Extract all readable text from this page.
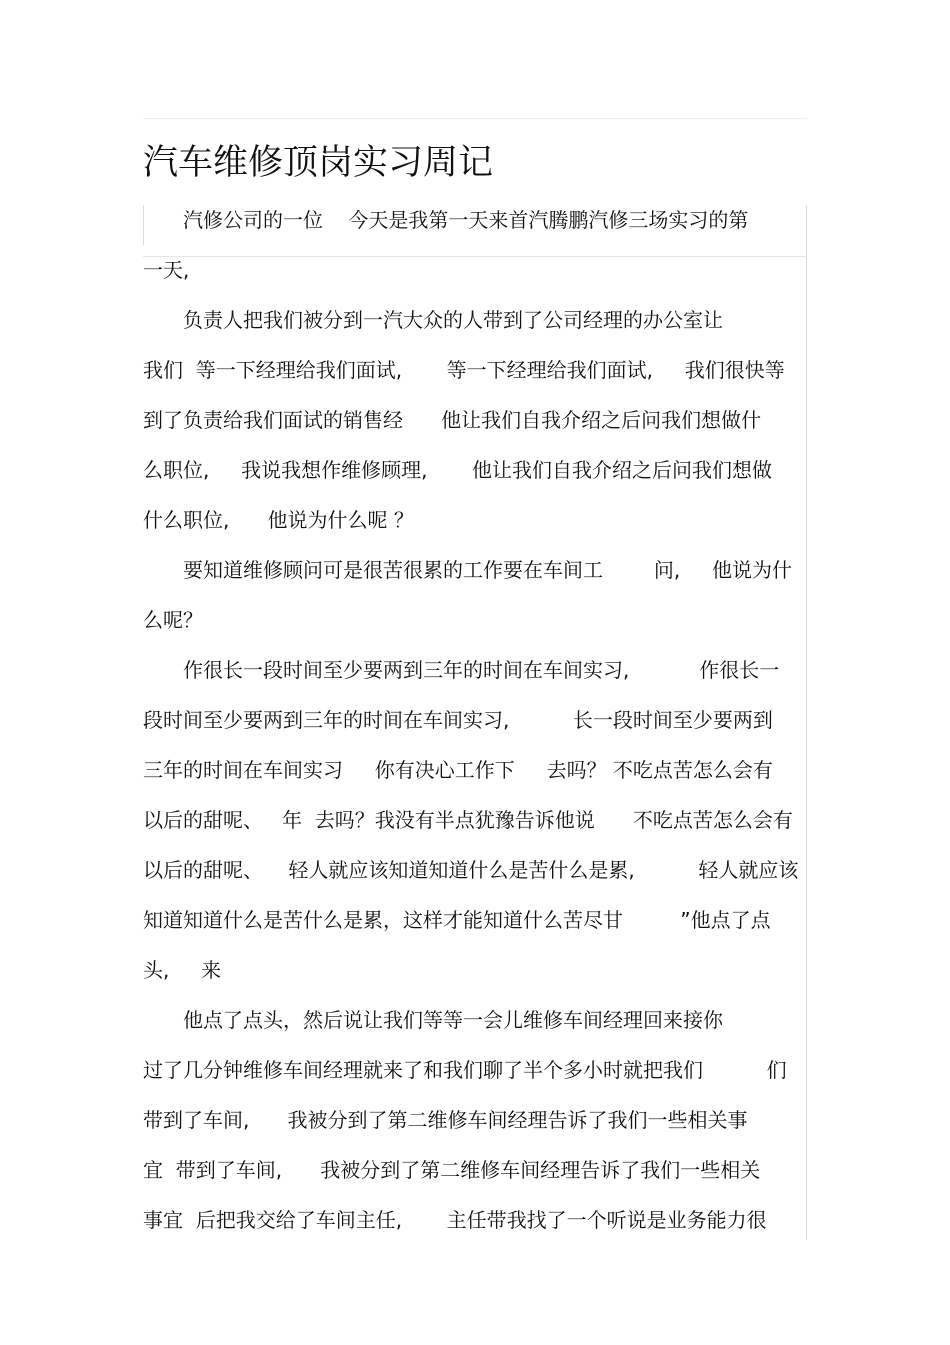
汽车维修顶岗实习周记
汽修公司的一位    今天是我第一天来首汽腾鹏汽修三场实习的第
一天,
负责人把我们被分到一汽大众的人带到了公司经理的办公室让
我们  等一下经理给我们面试,       等一下经理给我们面试,     我们很快等
到了负责给我们面试的销售经      他让我们自我介绍之后问我们想做什
么职位,     我说我想作维修顾理,       他让我们自我介绍之后问我们想做
什么职位,      他说为什么呢 ？
要知道维修顾问可是很苦很累的工作要在车间工        问,     他说为什
么呢？
作很长一段时间至少要两到三年的时间在车间实习,           作很长一
段时间至少要两到三年的时间在车间实习,          长一段时间至少要两到
三年的时间在车间实习     你有决心工作下     去吗？ 不吃点苦怎么会有
以后的甜呢、   年  去吗？我没有半点犹豫告诉他说      不吃点苦怎么会有
以后的甜呢、    轻人就应该知道知道什么是苦什么是累,          轻人就应该
知道知道什么是苦什么是累，这样才能知道什么苦尽甘         ”他点了点
头,     来
他点了点头，然后说让我们等等一会儿维修车间经理回来接你
过了几分钟维修车间经理就来了和我们聊了半个多小时就把我们          们
带到了车间,      我被分到了第二维修车间经理告诉了我们一些相关事
宜  带到了车间,      我被分到了第二维修车间经理告诉了我们一些相关
事宜  后把我交给了车间主任,       主任带我找了一个听说是业务能力很
